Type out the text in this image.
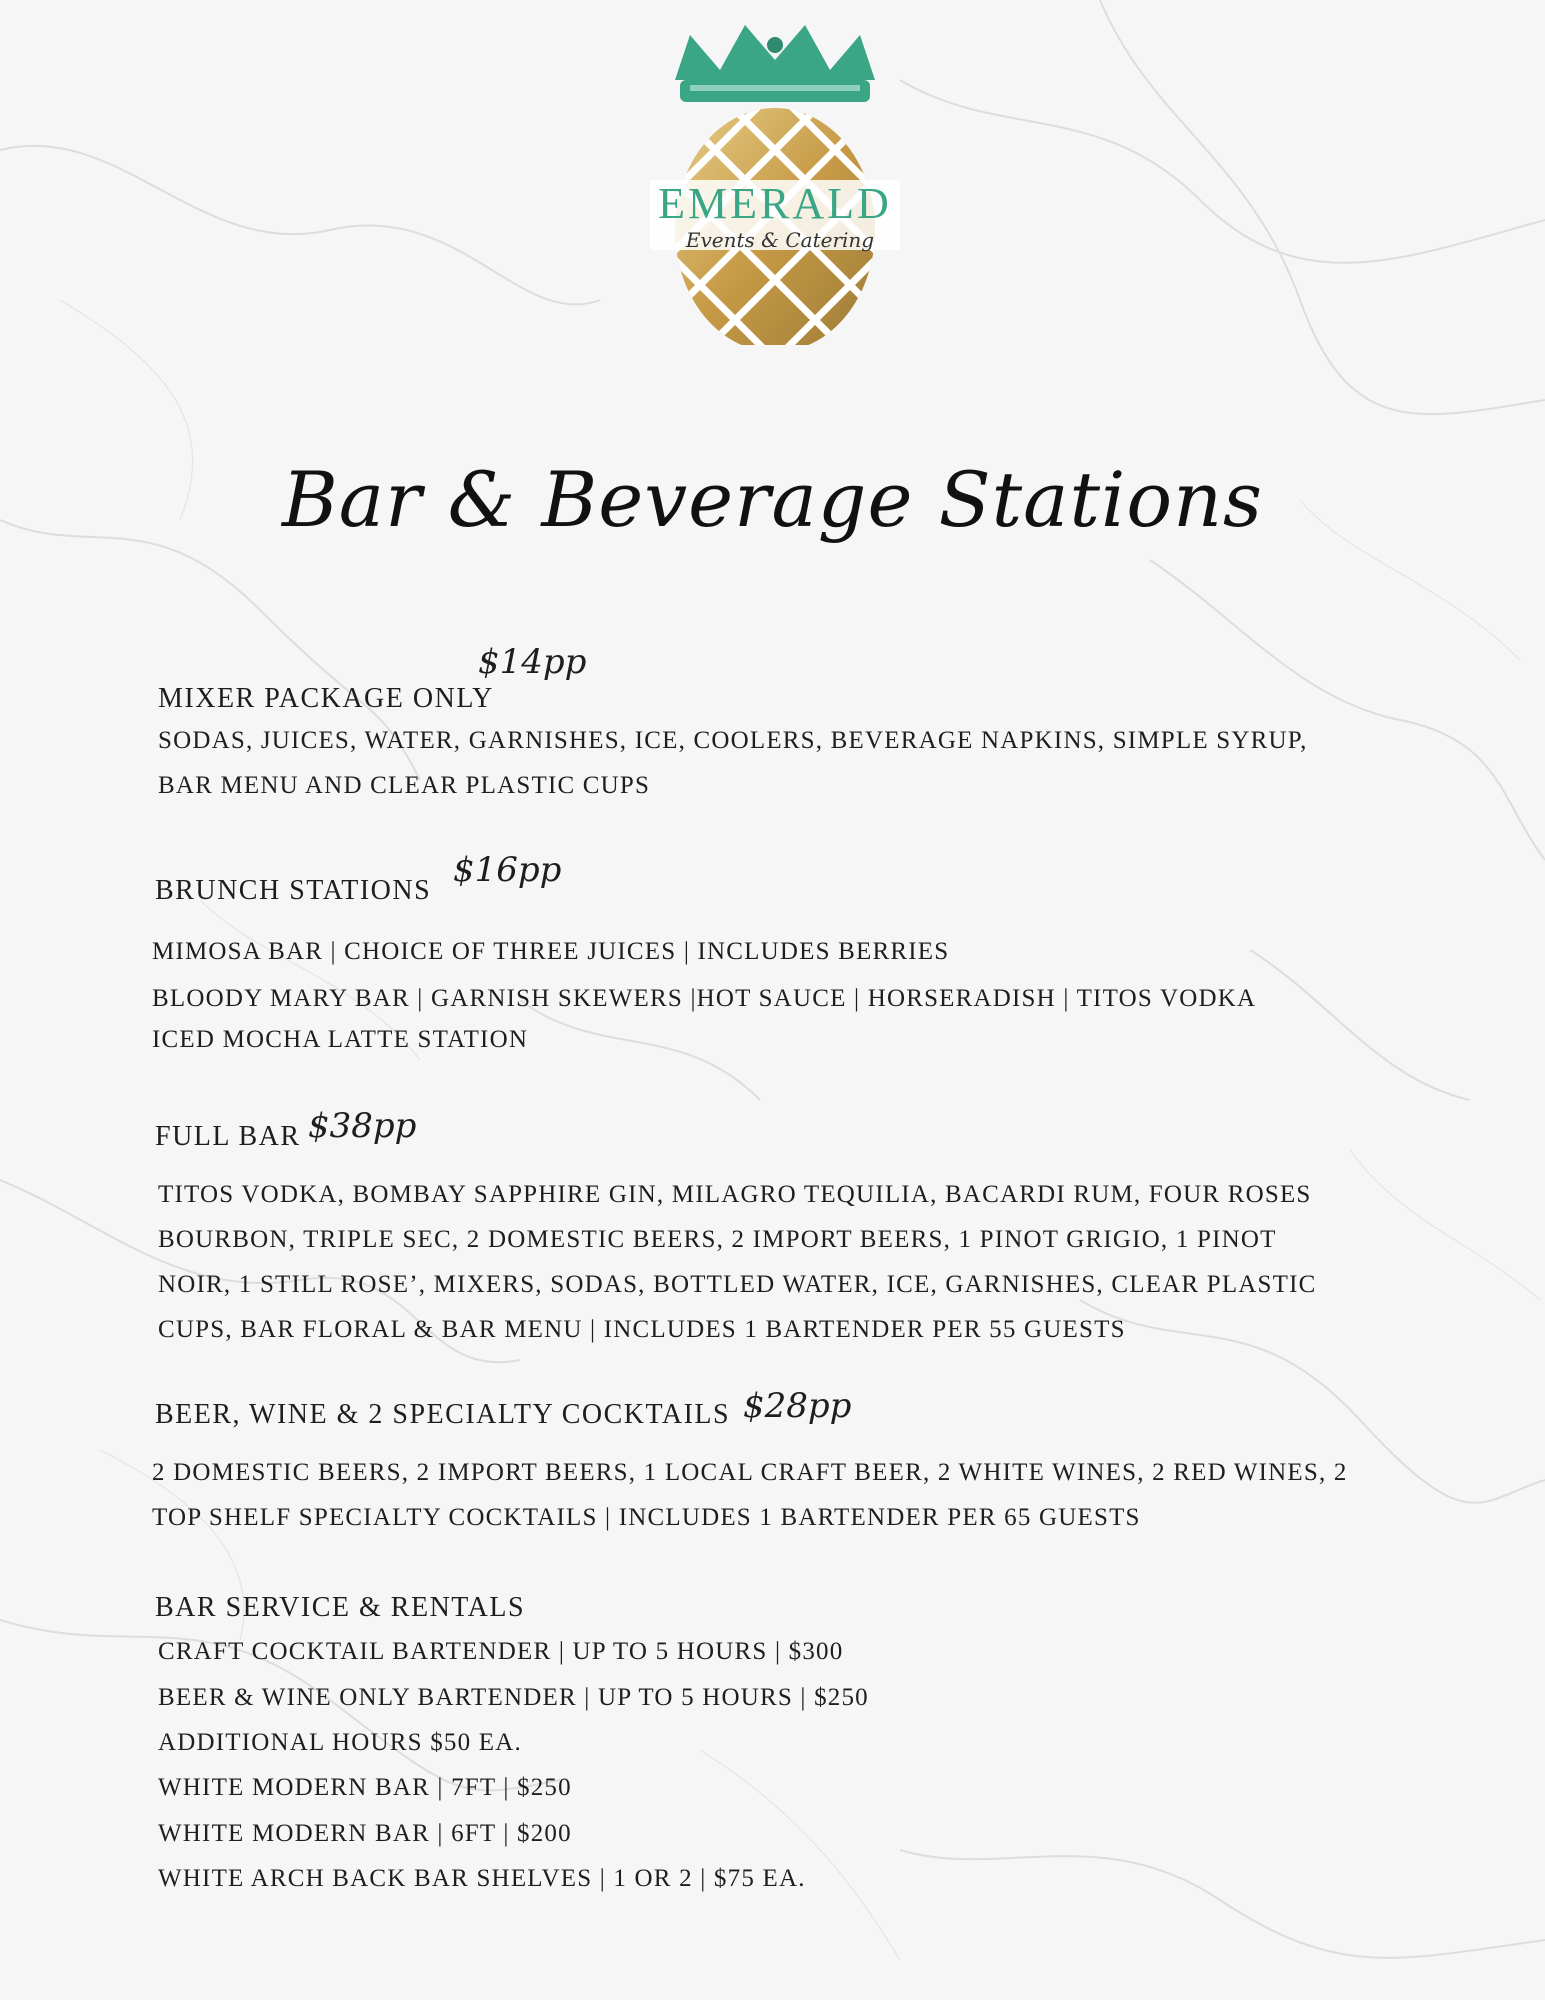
EMERALD
Events & Catering
Bar & Beverage Stations
MIXER PACKAGE ONLY
$14pp
SODAS, JUICES, WATER, GARNISHES, ICE, COOLERS, BEVERAGE NAPKINS, SIMPLE SYRUP,
BAR MENU AND CLEAR PLASTIC CUPS
BRUNCH STATIONS
$16pp
MIMOSA BAR | CHOICE OF THREE JUICES | INCLUDES BERRIES
BLOODY MARY BAR | GARNISH SKEWERS |HOT SAUCE | HORSERADISH | TITOS VODKA
ICED MOCHA LATTE STATION
FULL BAR $38pp
TITOS VODKA, BOMBAY SAPPHIRE GIN, MILAGRO TEQUILIA, BACARDI RUM, FOUR ROSES
BOURBON, TRIPLE SEC, 2 DOMESTIC BEERS, 2 IMPORT BEERS, 1 PINOT GRIGIO, 1 PINOT
NOIR, 1 STILL ROSE’, MIXERS, SODAS, BOTTLED WATER, ICE, GARNISHES, CLEAR PLASTIC
CUPS, BAR FLORAL & BAR MENU | INCLUDES 1 BARTENDER PER 55 GUESTS
BEER, WINE & 2 SPECIALTY COCKTAILS $28pp
2 DOMESTIC BEERS, 2 IMPORT BEERS, 1 LOCAL CRAFT BEER, 2 WHITE WINES, 2 RED WINES, 2
TOP SHELF SPECIALTY COCKTAILS | INCLUDES 1 BARTENDER PER 65 GUESTS
BAR SERVICE & RENTALS
CRAFT COCKTAIL BARTENDER | UP TO 5 HOURS | $300
BEER & WINE ONLY BARTENDER | UP TO 5 HOURS | $250
ADDITIONAL HOURS $50 EA.
WHITE MODERN BAR | 7FT | $250
WHITE MODERN BAR | 6FT | $200
WHITE ARCH BACK BAR SHELVES | 1 OR 2 | $75 EA.
